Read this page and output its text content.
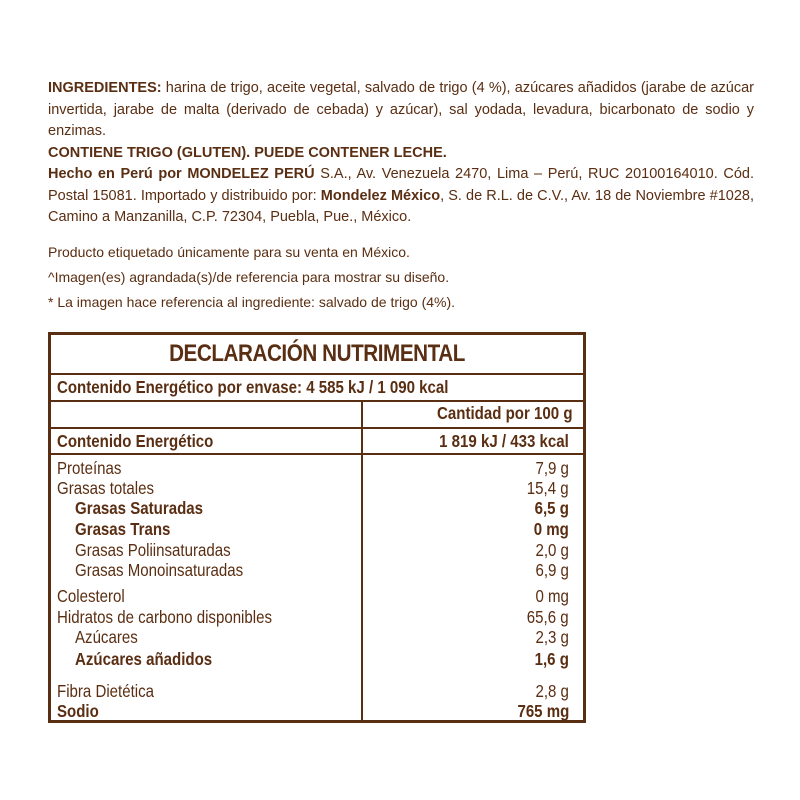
INGREDIENTES: harina de trigo, aceite vegetal, salvado de trigo (4 %), azúcares añadidos (jarabe de azúcar invertida, jarabe de malta (derivado de cebada) y azúcar), sal yodada, levadura, bicarbonato de sodio y enzimas.

CONTIENE TRIGO (GLUTEN). PUEDE CONTENER LECHE.

Hecho en Perú por MONDELEZ PERÚ S.A., Av. Venezuela 2470, Lima – Perú, RUC 20100164010. Cód. Postal 15081. Importado y distribuido por: Mondelez México, S. de R.L. de C.V., Av. 18 de Noviembre #1028, Camino a Manzanilla, C.P. 72304, Puebla, Pue., México.

Producto etiquetado únicamente para su venta en México.
^Imagen(es) agrandada(s)/de referencia para mostrar su diseño.
* La imagen hace referencia al ingrediente: salvado de trigo (4%).
DECLARACIÓN NUTRIMENTAL
Contenido Energético por envase: 4 585 kJ / 1 090 kcal
Cantidad por 100 g
Contenido Energético	1 819 kJ / 433 kcal
Proteínas	7,9 g
Grasas totales	15,4 g
Grasas Saturadas	6,5 g
Grasas Trans	0 mg
Grasas Poliinsaturadas	2,0 g
Grasas Monoinsaturadas	6,9 g
Colesterol	0 mg
Hidratos de carbono disponibles	65,6 g
Azúcares	2,3 g
Azúcares añadidos	1,6 g
Fibra Dietética	2,8 g
Sodio	765 mg
